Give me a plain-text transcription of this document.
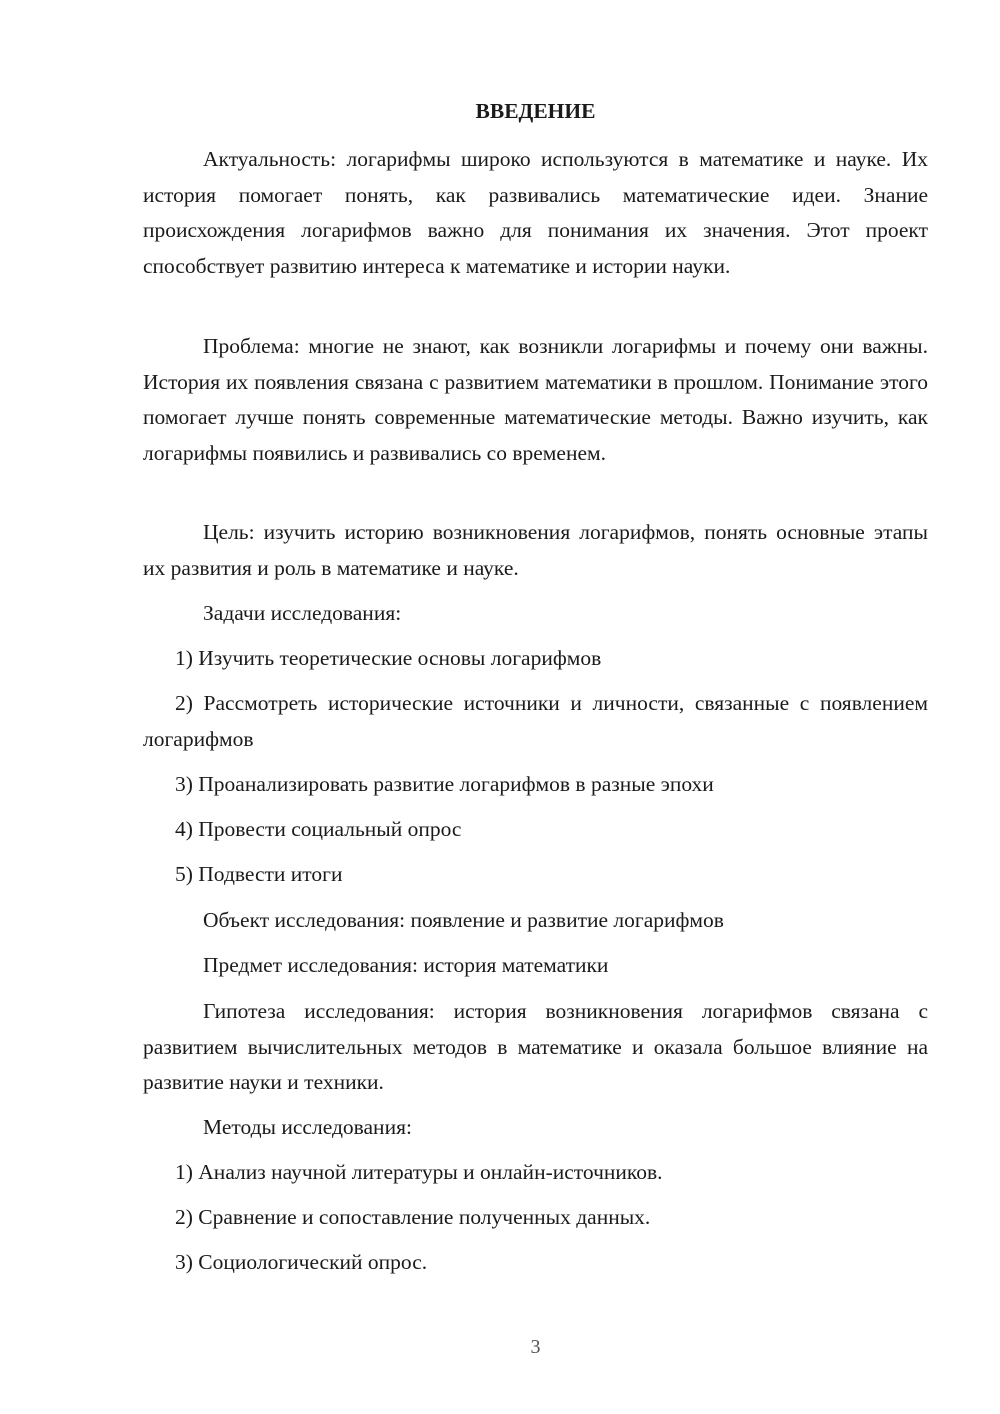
ВВЕДЕНИЕ

Актуальность: логарифмы широко используются в математике и науке. Их история помогает понять, как развивались математические идеи. Знание происхождения логарифмов важно для понимания их значения. Этот проект способствует развитию интереса к математике и истории науки.

Проблема: многие не знают, как возникли логарифмы и почему они важны. История их появления связана с развитием математики в прошлом. Понимание этого помогает лучше понять современные математические методы. Важно изучить, как логарифмы появились и развивались со временем.

Цель: изучить историю возникновения логарифмов, понять основные этапы их развития и роль в математике и науке.

Задачи исследования:

1) Изучить теоретические основы логарифмов

2) Рассмотреть исторические источники и личности, связанные с появлением логарифмов

3) Проанализировать развитие логарифмов в разные эпохи

4) Провести социальный опрос

5) Подвести итоги

Объект исследования: появление и развитие логарифмов

Предмет исследования: история математики

Гипотеза исследования: история возникновения логарифмов связана с развитием вычислительных методов в математике и оказала большое влияние на развитие науки и техники.

Методы исследования:

1) Анализ научной литературы и онлайн-источников.

2) Сравнение и сопоставление полученных данных.

3) Социологический опрос.

3
